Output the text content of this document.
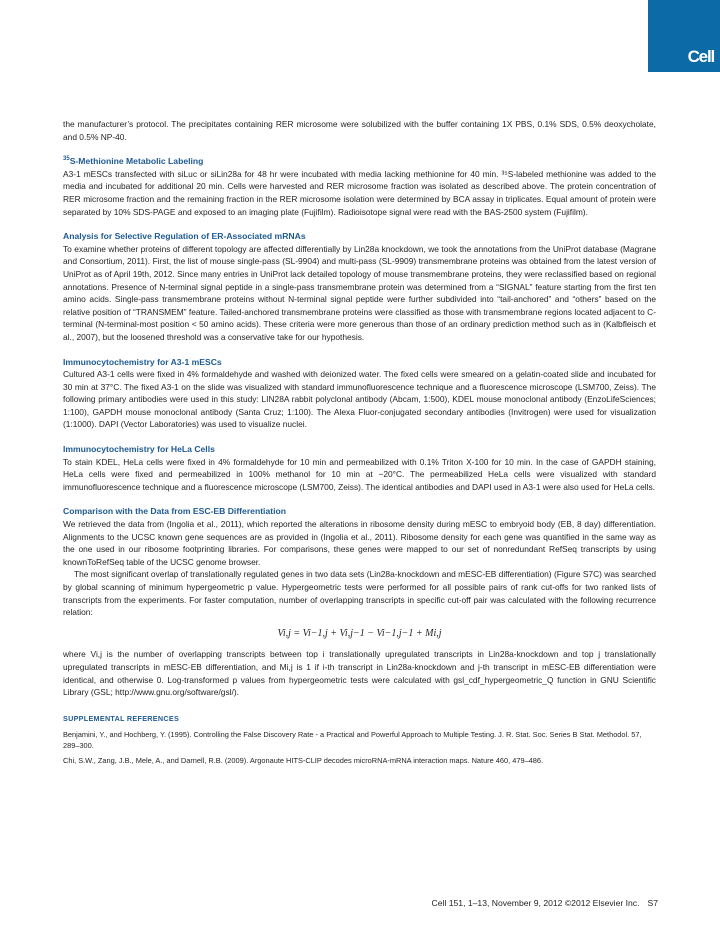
Cell

the manufacturer’s protocol. The precipitates containing RER microsome were solubilized with the buffer containing 1X PBS, 0.1% SDS, 0.5% deoxycholate, and 0.5% NP-40.

$^{35}$S-Methionine Metabolic Labeling

A3-1 mESCs transfected with siLuc or siLin28a for 48 hr were incubated with media lacking methionine for 40 min. ³⁵S-labeled methionine was added to the media and incubated for additional 20 min. Cells were harvested and RER microsome fraction was isolated as described above. The protein concentration of RER microsome fraction and the remaining fraction in the RER microsome isolation were determined by BCA assay in triplicates. Equal amount of protein were separated by 10% SDS-PAGE and exposed to an imaging plate (Fujifilm). Radioisotope signal were read with the BAS-2500 system (Fujifilm).

Analysis for Selective Regulation of ER-Associated mRNAs

To examine whether proteins of different topology are affected differentially by Lin28a knockdown, we took the annotations from the UniProt database (Magrane and Consortium, 2011). First, the list of mouse single-pass (SL-9904) and multi-pass (SL-9909) transmembrane proteins was obtained from the latest version of UniProt as of April 19th, 2012. Since many entries in UniProt lack detailed topology of mouse transmembrane proteins, they were reclassified based on regional annotations. Presence of N-terminal signal peptide in a single-pass transmembrane protein was determined from a “SIGNAL” feature starting from the first ten amino acids. Single-pass transmembrane proteins without N-terminal signal peptide were further subdivided into “tail-anchored” and “others” based on the relative position of “TRANSMEM” feature. Tailed-anchored transmembrane proteins were classified as those with transmembrane regions located adjacent to C-terminal (N-terminal-most position < 50 amino acids). These criteria were more generous than those of an ordinary prediction method such as in (Kalbfleisch et al., 2007), but the loosened threshold was a conservative take for our hypothesis.

Immunocytochemistry for A3-1 mESCs

Cultured A3-1 cells were fixed in 4% formaldehyde and washed with deionized water. The fixed cells were smeared on a gelatin-coated slide and incubated for 30 min at 37°C. The fixed A3-1 on the slide was visualized with standard immunofluorescence technique and a fluorescence microscope (LSM700, Zeiss). The following primary antibodies were used in this study: LIN28A rabbit polyclonal antibody (Abcam, 1:500), KDEL mouse monoclonal antibody (EnzoLifeSciences; 1:100), GAPDH mouse monoclonal antibody (Santa Cruz; 1:100). The Alexa Fluor-conjugated secondary antibodies (Invitrogen) were used for visualization (1:1000). DAPI (Vector Laboratories) was used to visualize nuclei.

Immunocytochemistry for HeLa Cells

To stain KDEL, HeLa cells were fixed in 4% formaldehyde for 10 min and permeabilized with 0.1% Triton X-100 for 10 min. In the case of GAPDH staining, HeLa cells were fixed and permeabilized in 100% methanol for 10 min at −20°C. The permeabilized HeLa cells were visualized with standard immunofluorescence technique and a fluorescence microscope (LSM700, Zeiss). The identical antibodies and DAPI used in A3-1 were also used for HeLa cells.

Comparison with the Data from ESC-EB Differentiation

We retrieved the data from (Ingolia et al., 2011), which reported the alterations in ribosome density during mESC to embryoid body (EB, 8 day) differentiation. Alignments to the UCSC known gene sequences are as provided in (Ingolia et al., 2011). Ribosome density for each gene was quantified in the same way as the one used in our ribosome footprinting libraries. For comparisons, these genes were mapped to our set of nonredundant RefSeq transcripts by using knownToRefSeq table of the UCSC genome browser.

The most significant overlap of translationally regulated genes in two data sets (Lin28a-knockdown and mESC-EB differentiation) (Figure S7C) was searched by global scanning of minimum hypergeometric p value. Hypergeometric tests were performed for all possible pairs of rank cut-offs for two ranked lists of transcripts from the experiments. For faster computation, number of overlapping transcripts in specific cut-off pair was calculated with the following recurrence relation:

Vi,j = Vi−1,j + Vi,j−1 − Vi−1,j−1 + Mi,j

where Vi,j is the number of overlapping transcripts between top i translationally upregulated transcripts in Lin28a-knockdown and top j translationally upregulated transcripts in mESC-EB differentiation, and Mi,j is 1 if i-th transcript in Lin28a-knockdown and j-th transcript in mESC-EB differentiation were identical, and otherwise 0. Log-transformed p values from hypergeometric tests were calculated with gsl_cdf_hypergeometric_Q function in GNU Scientific Library (GSL; http://www.gnu.org/software/gsl/).

SUPPLEMENTAL REFERENCES

Benjamini, Y., and Hochberg, Y. (1995). Controlling the False Discovery Rate - a Practical and Powerful Approach to Multiple Testing. J. R. Stat. Soc. Series B Stat. Methodol. 57, 289–300.

Chi, S.W., Zang, J.B., Mele, A., and Darnell, R.B. (2009). Argonaute HITS-CLIP decodes microRNA-mRNA interaction maps. Nature 460, 479–486.

Cell 151, 1–13, November 9, 2012 ©2012 Elsevier Inc. S7
